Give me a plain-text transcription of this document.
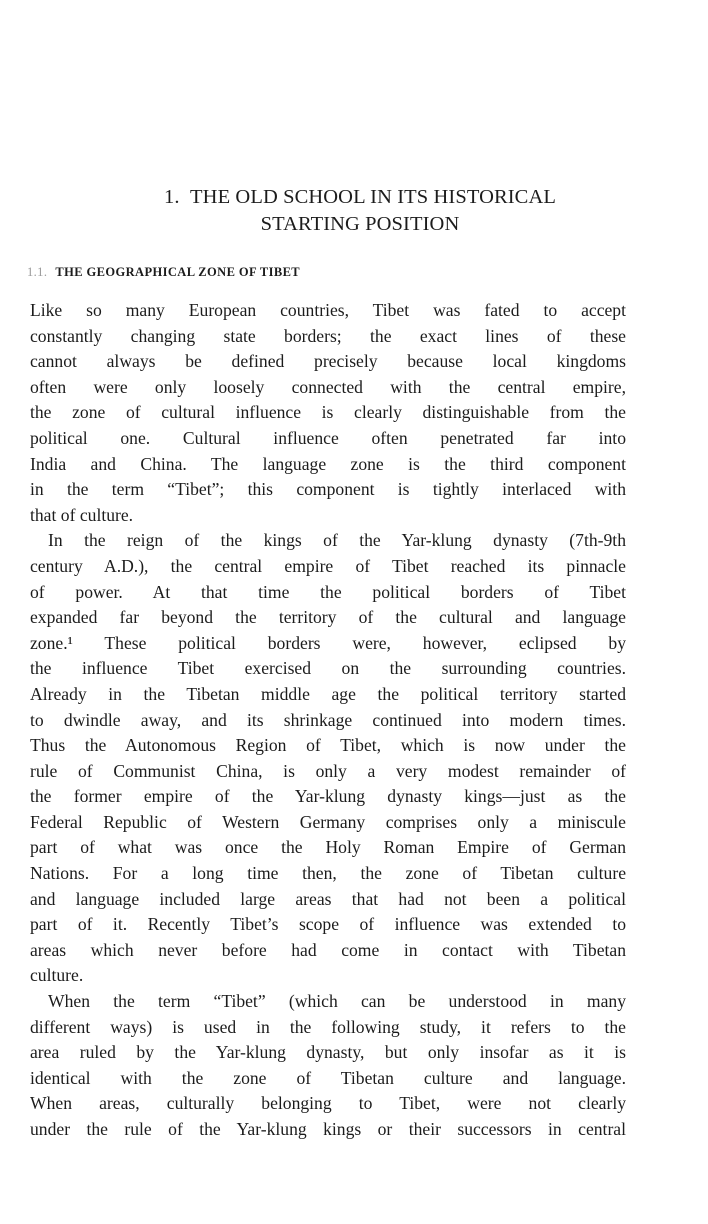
1. THE OLD SCHOOL IN ITS HISTORICAL
STARTING POSITION
1.1. THE GEOGRAPHICAL ZONE OF TIBET
Like so many European countries, Tibet was fated to accept
constantly changing state borders; the exact lines of these
cannot always be defined precisely because local kingdoms
often were only loosely connected with the central empire,
the zone of cultural influence is clearly distinguishable from the
political one. Cultural influence often penetrated far into
India and China. The language zone is the third component
in the term “Tibet”; this component is tightly interlaced with
that of culture.
In the reign of the kings of the Yar-klung dynasty (7th-9th
century A.D.), the central empire of Tibet reached its pinnacle
of power. At that time the political borders of Tibet
expanded far beyond the territory of the cultural and language
zone.¹ These political borders were, however, eclipsed by
the influence Tibet exercised on the surrounding countries.
Already in the Tibetan middle age the political territory started
to dwindle away, and its shrinkage continued into modern times.
Thus the Autonomous Region of Tibet, which is now under the
rule of Communist China, is only a very modest remainder of
the former empire of the Yar-klung dynasty kings—just as the
Federal Republic of Western Germany comprises only a miniscule
part of what was once the Holy Roman Empire of German
Nations. For a long time then, the zone of Tibetan culture
and language included large areas that had not been a political
part of it. Recently Tibet’s scope of influence was extended to
areas which never before had come in contact with Tibetan
culture.
When the term “Tibet” (which can be understood in many
different ways) is used in the following study, it refers to the
area ruled by the Yar-klung dynasty, but only insofar as it is
identical with the zone of Tibetan culture and language.
When areas, culturally belonging to Tibet, were not clearly
under the rule of the Yar-klung kings or their successors in central
